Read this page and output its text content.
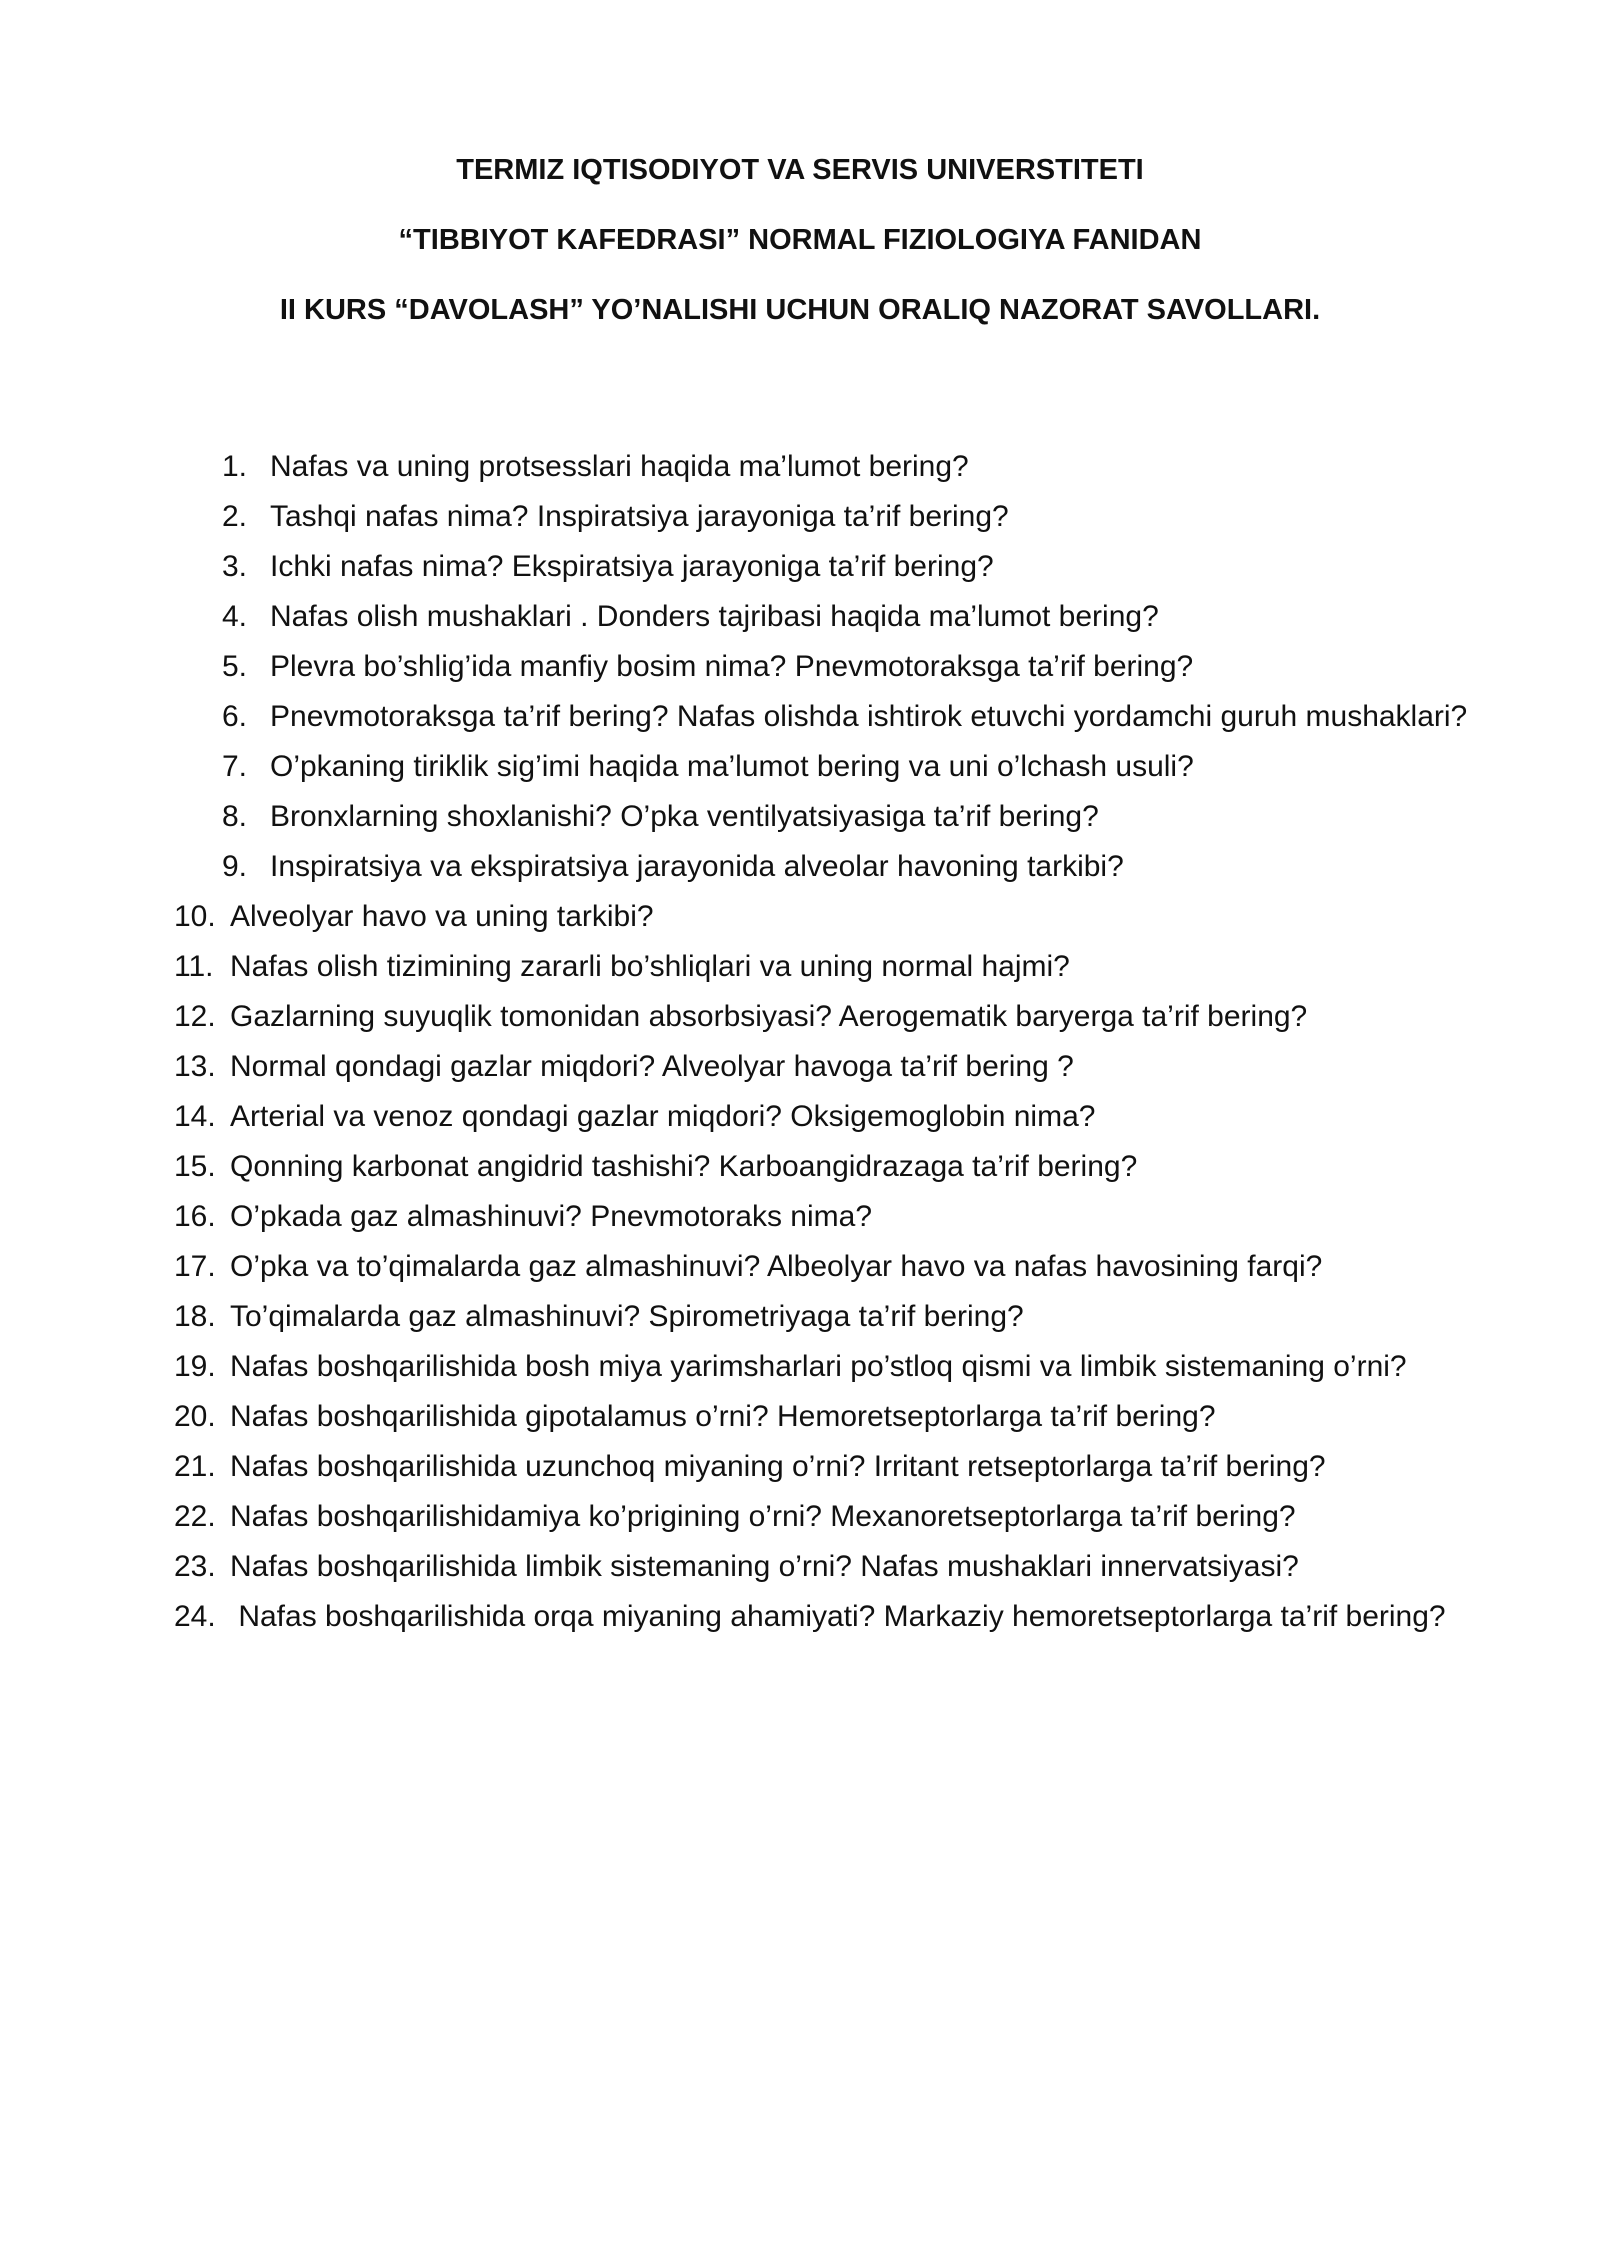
TERMIZ IQTISODIYOT VA SERVIS UNIVERSTITETI
“TIBBIYOT KAFEDRASI” NORMAL FIZIOLOGIYA FANIDAN
II KURS “DAVOLASH” YO’NALISHI UCHUN ORALIQ NAZORAT SAVOLLARI.
1. Nafas va uning protsesslari haqida ma’lumot bering?
2. Tashqi nafas nima? Inspiratsiya jarayoniga ta’rif bering?
3. Ichki nafas nima? Ekspiratsiya jarayoniga ta’rif bering?
4. Nafas olish mushaklari . Donders tajribasi haqida ma’lumot bering?
5. Plevra bo’shlig’ida manfiy bosim nima? Pnevmotoraksga ta’rif bering?
6. Pnevmotoraksga ta’rif bering? Nafas olishda ishtirok etuvchi yordamchi guruh mushaklari?
7. O’pkaning tiriklik sig’imi haqida ma’lumot bering va uni o’lchash usuli?
8. Bronxlarning shoxlanishi? O’pka ventilyatsiyasiga ta’rif bering?
9. Inspiratsiya va ekspiratsiya jarayonida alveolar havoning tarkibi?
10. Alveolyar havo va uning tarkibi?
11. Nafas olish tizimining zararli bo’shliqlari va uning normal hajmi?
12. Gazlarning suyuqlik tomonidan absorbsiyasi? Aerogematik baryerga ta’rif bering?
13. Normal qondagi gazlar miqdori? Alveolyar havoga ta’rif bering ?
14. Arterial va venoz qondagi gazlar miqdori? Oksigemoglobin nima?
15. Qonning karbonat angidrid tashishi? Karboangidrazaga ta’rif bering?
16. O’pkada gaz almashinuvi? Pnevmotoraks nima?
17. O’pka va to’qimalarda gaz almashinuvi? Albeolyar havo va nafas havosining farqi?
18. To’qimalarda gaz almashinuvi? Spirometriyaga ta’rif bering?
19. Nafas boshqarilishida bosh miya yarimsharlari po’stloq qismi va limbik sistemaning o’rni?
20. Nafas boshqarilishida gipotalamus o’rni? Hemoretseptorlarga ta’rif bering?
21. Nafas boshqarilishida uzunchoq miyaning o’rni? Irritant retseptorlarga ta’rif bering?
22. Nafas boshqarilishidamiya ko’prigining o’rni? Mexanoretseptorlarga ta’rif bering?
23. Nafas boshqarilishida limbik sistemaning o’rni? Nafas mushaklari innervatsiyasi?
24. Nafas boshqarilishida orqa miyaning ahamiyati? Markaziy hemoretseptorlarga ta’rif bering?
